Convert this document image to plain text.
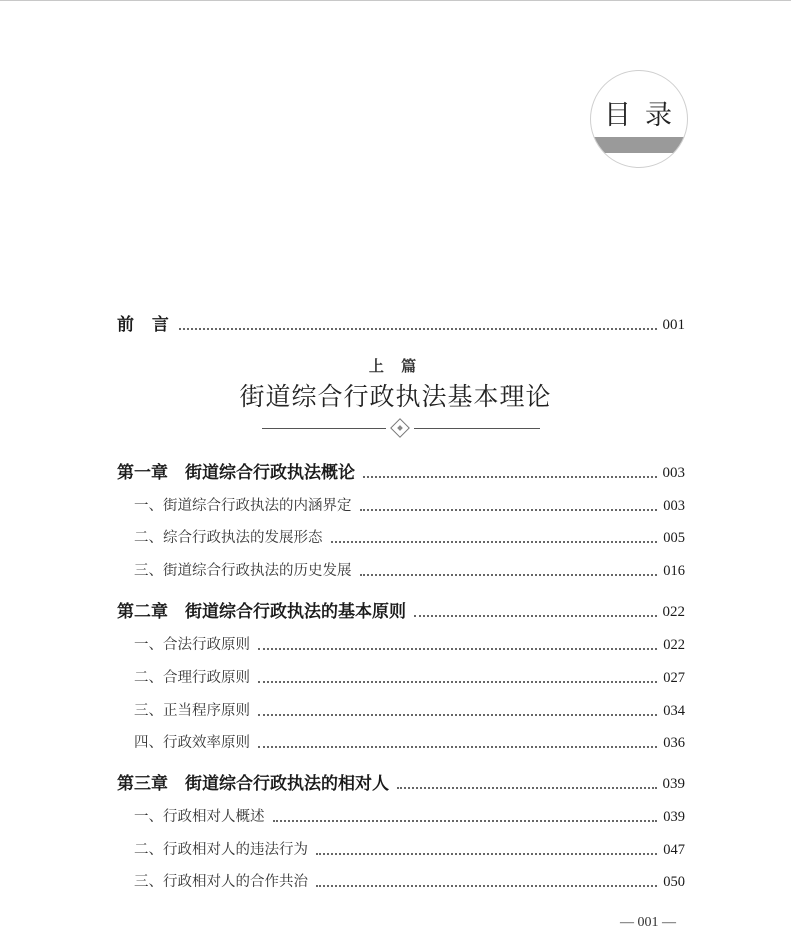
目录
前  言	001
上 篇
街道综合行政执法基本理论
第一章　街道综合行政执法概论	003
一、街道综合行政执法的内涵界定	003
二、综合行政执法的发展形态	005
三、街道综合行政执法的历史发展	016
第二章　街道综合行政执法的基本原则	022
一、合法行政原则	022
二、合理行政原则	027
三、正当程序原则	034
四、行政效率原则	036
第三章　街道综合行政执法的相对人	039
一、行政相对人概述	039
二、行政相对人的违法行为	047
三、行政相对人的合作共治	050
— 001 —
